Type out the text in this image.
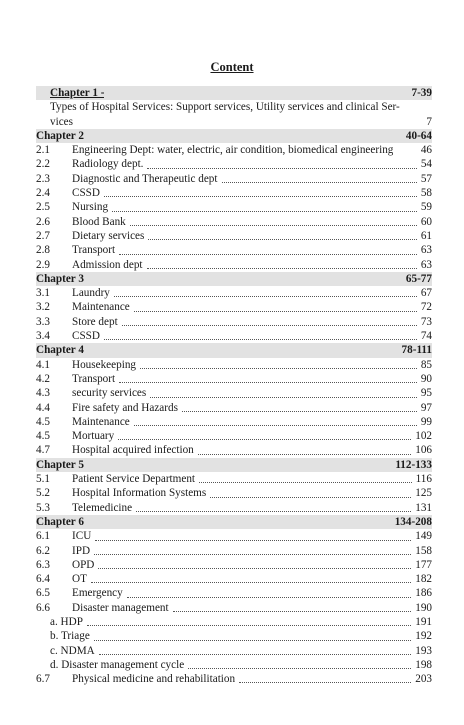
Content
Chapter 1 -	7-39
Types of Hospital Services: Support services, Utility services and clinical Ser-
vices	7
Chapter 2	40-64
2.1	Engineering Dept: water, electric, air condition, biomedical engineering 46
2.2	Radiology dept.	54
2.3	Diagnostic and Therapeutic dept	57
2.4	CSSD	58
2.5	Nursing	59
2.6	Blood Bank	60
2.7	Dietary services	61
2.8	Transport	63
2.9	Admission dept	63
Chapter 3	65-77
3.1	Laundry	67
3.2	Maintenance	72
3.3	Store dept	73
3.4	CSSD	74
Chapter 4	78-111
4.1	Housekeeping	85
4.2	Transport	90
4.3	security services	95
4.4	Fire safety and Hazards	97
4.5	Maintenance	99
4.5	Mortuary	102
4.7	Hospital acquired infection	106
Chapter 5	112-133
5.1	Patient Service Department	116
5.2	Hospital Information Systems	125
5.3	Telemedicine	131
Chapter 6	134-208
6.1	ICU	149
6.2	IPD	158
6.3	OPD	177
6.4	OT	182
6.5	Emergency	186
6.6	Disaster management	190
a. HDP	191
b. Triage	192
c. NDMA	193
d. Disaster management cycle	198
6.7	Physical medicine and rehabilitation	203
